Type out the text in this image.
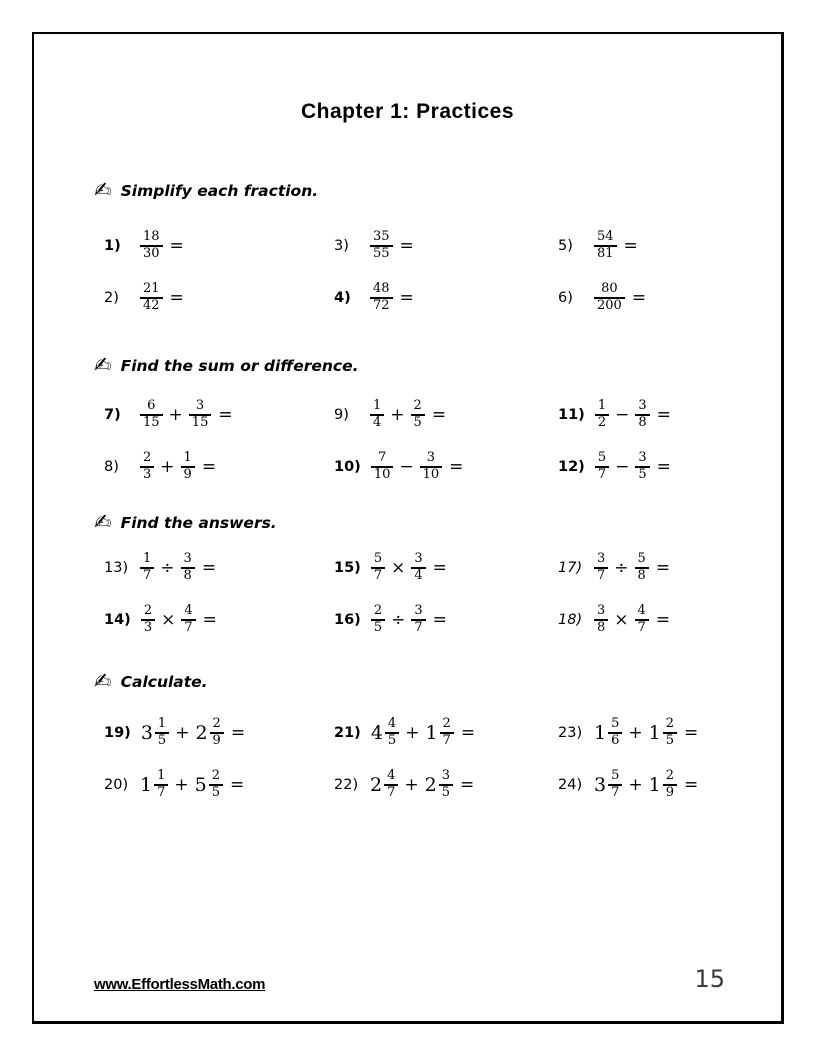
Chapter 1: Practices
✍ Simplify each fraction.
1)	$\frac{18}{30}$ =
2)	$\frac{21}{42}$ =
3)	$\frac{35}{55}$ =
4)	$\frac{48}{72}$ =
5)	$\frac{54}{81}$ =
6)	$\frac{80}{200}$ =
✍ Find the sum or difference.
7)	$\frac{6}{15} + \frac{3}{15}$ =
8)	$\frac{2}{3} + \frac{1}{9}$ =
9)	$\frac{1}{4} + \frac{2}{5}$ =
$10) \frac{7}{10} - \frac{3}{10}$ =
$11) \frac{1}{2} - \frac{3}{8}$ =
$12) \frac{5}{7} - \frac{3}{5}$ =
✍ Find the answers.
$13) \frac{1}{7} \div \frac{3}{8}$ =
$14) \frac{2}{3} \times \frac{4}{7}$ =
$15) \frac{5}{7} \times \frac{3}{4}$ =
$16) \frac{2}{5} \div \frac{3}{7}$ =
$17) \frac{3}{7} \div \frac{5}{8}$ =
$18) \frac{3}{8} \times \frac{4}{7}$ =
✍ Calculate.
19) $3 \frac{1}{5} + 2 \frac{2}{9}$ =
20) $1 \frac{1}{7} + 5 \frac{2}{5}$ =
21) $4 \frac{4}{5} + 1 \frac{2}{7}$ =
22) $2 \frac{4}{7} + 2 \frac{3}{5}$ =
23) $1 \frac{5}{6} + 1 \frac{2}{5}$ =
24) $3 \frac{5}{7} + 1 \frac{2}{9}$ =
www.EffortlessMath.com	15
